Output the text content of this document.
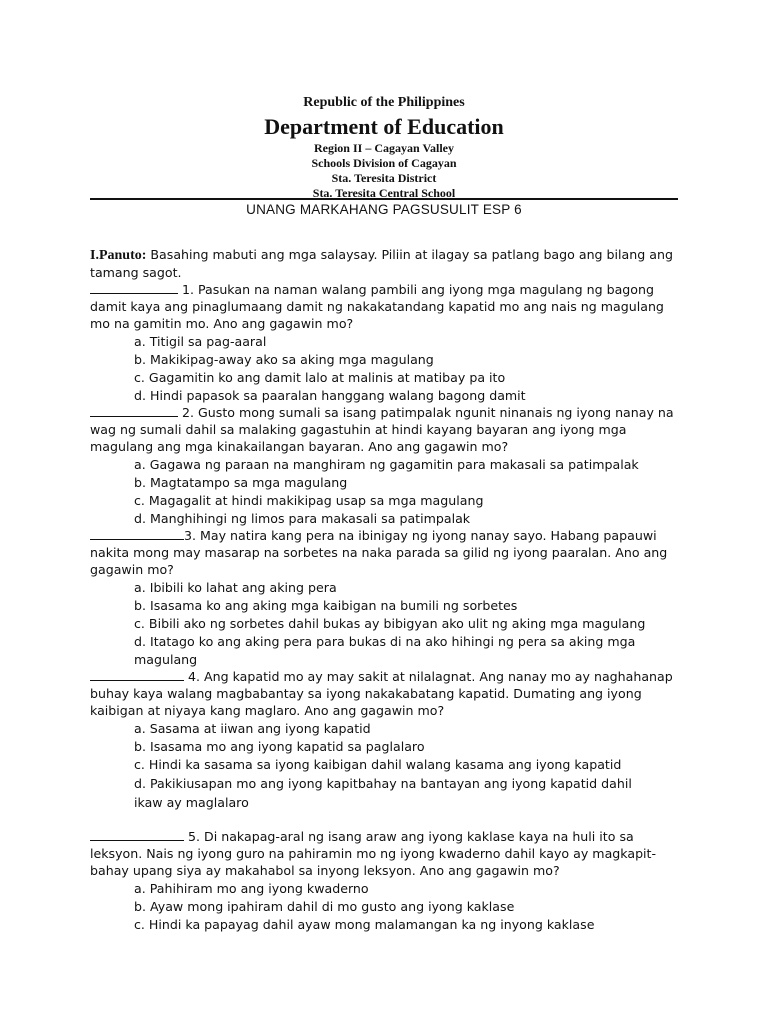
Republic of the Philippines
Department of Education
Region II – Cagayan Valley
Schools Division of Cagayan
Sta. Teresita District
Sta. Teresita Central School
UNANG MARKAHANG PAGSUSULIT ESP 6
I.Panuto: Basahing mabuti ang mga salaysay. Piliin at ilagay sa patlang bago ang bilang ang tamang sagot.
1. Pasukan na naman walang pambili ang iyong mga magulang ng bagong damit kaya ang pinaglumaang damit ng nakakatandang kapatid mo ang nais ng magulang mo na gamitin mo. Ano ang gagawin mo?
a. Titigil sa pag-aaral
b. Makikipag-away ako sa aking mga magulang
c. Gagamitin ko ang damit lalo at malinis at matibay pa ito
d. Hindi papasok sa paaralan hanggang walang bagong damit
2. Gusto mong sumali sa isang patimpalak ngunit ninanais ng iyong nanay na wag ng sumali dahil sa malaking gagastuhin at hindi kayang bayaran ang iyong mga magulang ang mga kinakailangan bayaran. Ano ang gagawin mo?
a. Gagawa ng paraan na manghiram ng gagamitin para makasali sa patimpalak
b. Magtatampo sa mga magulang
c. Magagalit at hindi makikipag usap sa mga magulang
d. Manghihingi ng limos para makasali sa patimpalak
3. May natira kang pera na ibinigay ng iyong nanay sayo. Habang papauwi nakita mong may masarap na sorbetes na naka parada sa gilid ng iyong paaralan. Ano ang gagawin mo?
a. Ibibili ko lahat ang aking pera
b. Isasama ko ang aking mga kaibigan na bumili ng sorbetes
c. Bibili ako ng sorbetes dahil bukas ay bibigyan ako ulit ng aking mga magulang
d. Itatago ko ang aking pera para bukas di na ako hihingi ng pera sa aking mga
magulang
4. Ang kapatid mo ay may sakit at nilalagnat. Ang nanay mo ay naghahanap buhay kaya walang magbabantay sa iyong nakakabatang kapatid. Dumating ang iyong kaibigan at niyaya kang maglaro. Ano ang gagawin mo?
a. Sasama at iiwan ang iyong kapatid
b. Isasama mo ang iyong kapatid sa paglalaro
c. Hindi ka sasama sa iyong kaibigan dahil walang kasama ang iyong kapatid
d. Pakikiusapan mo ang iyong kapitbahay na bantayan ang iyong kapatid dahil
ikaw ay maglalaro
5. Di nakapag-aral ng isang araw ang iyong kaklase kaya na huli ito sa leksyon. Nais ng iyong guro na pahiramin mo ng iyong kwaderno dahil kayo ay magkapit-bahay upang siya ay makahabol sa inyong leksyon. Ano ang gagawin mo?
a. Pahihiram mo ang iyong kwaderno
b. Ayaw mong ipahiram dahil di mo gusto ang iyong kaklase
c. Hindi ka papayag dahil ayaw mong malamangan ka ng inyong kaklase
